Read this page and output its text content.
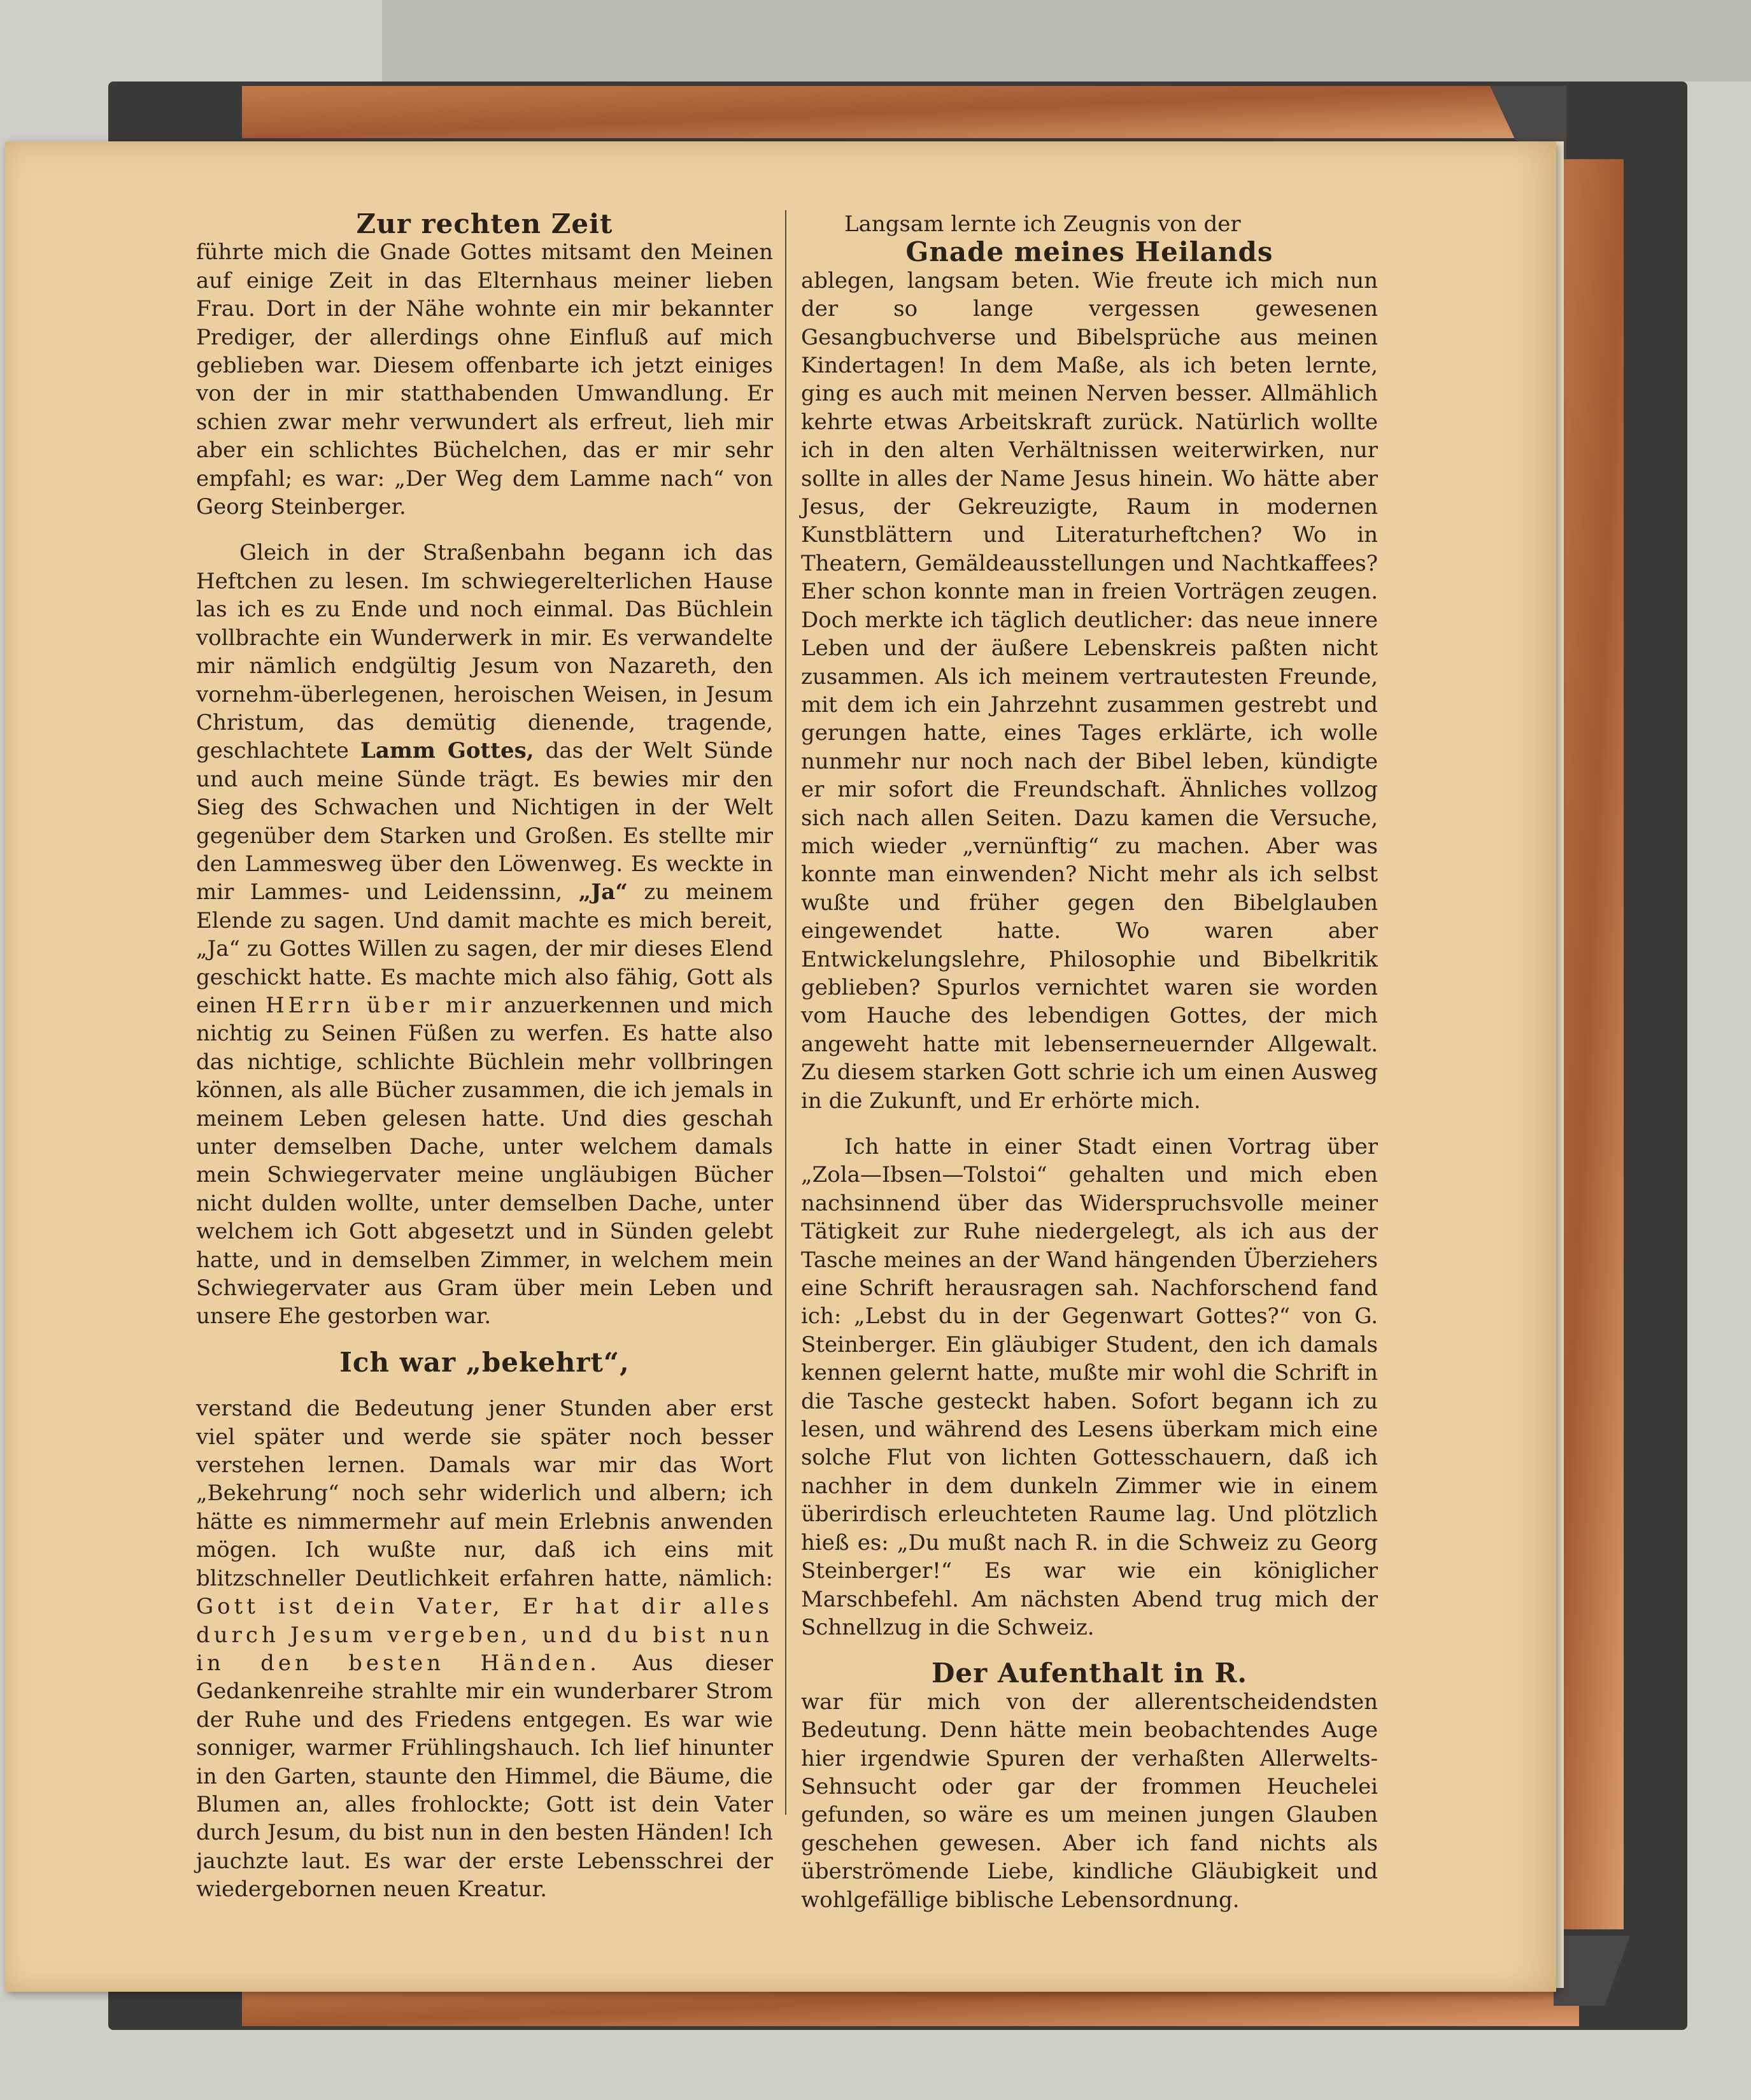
Zur rechten Zeit

führte mich die Gnade Gottes mitsamt den Meinen auf einige Zeit in das Elternhaus meiner lieben Frau. Dort in der Nähe wohnte ein mir bekannter Prediger, der allerdings ohne Einfluß auf mich geblieben war. Diesem offenbarte ich jetzt einiges von der in mir statthabenden Umwandlung. Er schien zwar mehr verwundert als erfreut, lieh mir aber ein schlichtes Büchelchen, das er mir sehr empfahl; es war: „Der Weg dem Lamme nach“ von Georg Steinberger.

Gleich in der Straßenbahn begann ich das Heftchen zu lesen. Im schwiegerelterlichen Hause las ich es zu Ende und noch einmal. Das Büchlein vollbrachte ein Wunderwerk in mir. Es verwandelte mir nämlich endgültig Jesum von Nazareth, den vornehm-überlegenen, heroischen Weisen, in Jesum Christum, das demütig dienende, tragende, geschlachtete Lamm Gottes, das der Welt Sünde und auch meine Sünde trägt. Es bewies mir den Sieg des Schwachen und Nichtigen in der Welt gegenüber dem Starken und Großen. Es stellte mir den Lammesweg über den Löwenweg. Es weckte in mir Lammes- und Leidenssinn, „Ja“ zu meinem Elende zu sagen. Und damit machte es mich bereit, „Ja“ zu Gottes Willen zu sagen, der mir dieses Elend geschickt hatte. Es machte mich also fähig, Gott als einen HErrn über mir anzuerkennen und mich nichtig zu Seinen Füßen zu werfen. Es hatte also das nichtige, schlichte Büchlein mehr vollbringen können, als alle Bücher zusammen, die ich jemals in meinem Leben gelesen hatte. Und dies geschah unter demselben Dache, unter welchem damals mein Schwiegervater meine ungläubigen Bücher nicht dulden wollte, unter demselben Dache, unter welchem ich Gott abgesetzt und in Sünden gelebt hatte, und in demselben Zimmer, in welchem mein Schwiegervater aus Gram über mein Leben und unsere Ehe gestorben war.

Ich war „bekehrt“,

verstand die Bedeutung jener Stunden aber erst viel später und werde sie später noch besser verstehen lernen. Damals war mir das Wort „Bekehrung“ noch sehr widerlich und albern; ich hätte es nimmermehr auf mein Erlebnis anwenden mögen. Ich wußte nur, daß ich eins mit blitzschneller Deutlichkeit erfahren hatte, nämlich: Gott ist dein Vater, Er hat dir alles durch Jesum vergeben, und du bist nun in den besten Händen. Aus dieser Gedankenreihe strahlte mir ein wunderbarer Strom der Ruhe und des Friedens entgegen. Es war wie sonniger, warmer Frühlingshauch. Ich lief hinunter in den Garten, staunte den Himmel, die Bäume, die Blumen an, alles frohlockte; Gott ist dein Vater durch Jesum, du bist nun in den besten Händen! Ich jauchzte laut. Es war der erste Lebensschrei der wiedergebornen neuen Kreatur.

Langsam lernte ich Zeugnis von der

Gnade meines Heilands

ablegen, langsam beten. Wie freute ich mich nun der so lange vergessen gewesenen Gesangbuchverse und Bibelsprüche aus meinen Kindertagen! In dem Maße, als ich beten lernte, ging es auch mit meinen Nerven besser. Allmählich kehrte etwas Arbeitskraft zurück. Natürlich wollte ich in den alten Verhältnissen weiterwirken, nur sollte in alles der Name Jesus hinein. Wo hätte aber Jesus, der Gekreuzigte, Raum in modernen Kunstblättern und Literaturheftchen? Wo in Theatern, Gemäldeausstellungen und Nachtkaffees? Eher schon konnte man in freien Vorträgen zeugen. Doch merkte ich täglich deutlicher: das neue innere Leben und der äußere Lebenskreis paßten nicht zusammen. Als ich meinem vertrautesten Freunde, mit dem ich ein Jahrzehnt zusammen gestrebt und gerungen hatte, eines Tages erklärte, ich wolle nunmehr nur noch nach der Bibel leben, kündigte er mir sofort die Freundschaft. Ähnliches vollzog sich nach allen Seiten. Dazu kamen die Versuche, mich wieder „vernünftig“ zu machen. Aber was konnte man einwenden? Nicht mehr als ich selbst wußte und früher gegen den Bibelglauben eingewendet hatte. Wo waren aber Entwickelungslehre, Philosophie und Bibelkritik geblieben? Spurlos vernichtet waren sie worden vom Hauche des lebendigen Gottes, der mich angeweht hatte mit lebenserneuernder Allgewalt. Zu diesem starken Gott schrie ich um einen Ausweg in die Zukunft, und Er erhörte mich.

Ich hatte in einer Stadt einen Vortrag über „Zola—Ibsen—Tolstoi“ gehalten und mich eben nachsinnend über das Widerspruchsvolle meiner Tätigkeit zur Ruhe niedergelegt, als ich aus der Tasche meines an der Wand hängenden Überziehers eine Schrift herausragen sah. Nachforschend fand ich: „Lebst du in der Gegenwart Gottes?“ von G. Steinberger. Ein gläubiger Student, den ich damals kennen gelernt hatte, mußte mir wohl die Schrift in die Tasche gesteckt haben. Sofort begann ich zu lesen, und während des Lesens überkam mich eine solche Flut von lichten Gottesschauern, daß ich nachher in dem dunkeln Zimmer wie in einem überirdisch erleuchteten Raume lag. Und plötzlich hieß es: „Du mußt nach R. in die Schweiz zu Georg Steinberger!“ Es war wie ein königlicher Marschbefehl. Am nächsten Abend trug mich der Schnellzug in die Schweiz.

Der Aufenthalt in R.

war für mich von der allerentscheidendsten Bedeutung. Denn hätte mein beobachtendes Auge hier irgendwie Spuren der verhaßten Allerwelts-Sehnsucht oder gar der frommen Heuchelei gefunden, so wäre es um meinen jungen Glauben geschehen gewesen. Aber ich fand nichts als überströmende Liebe, kindliche Gläubigkeit und wohlgefällige biblische Lebensordnung.
